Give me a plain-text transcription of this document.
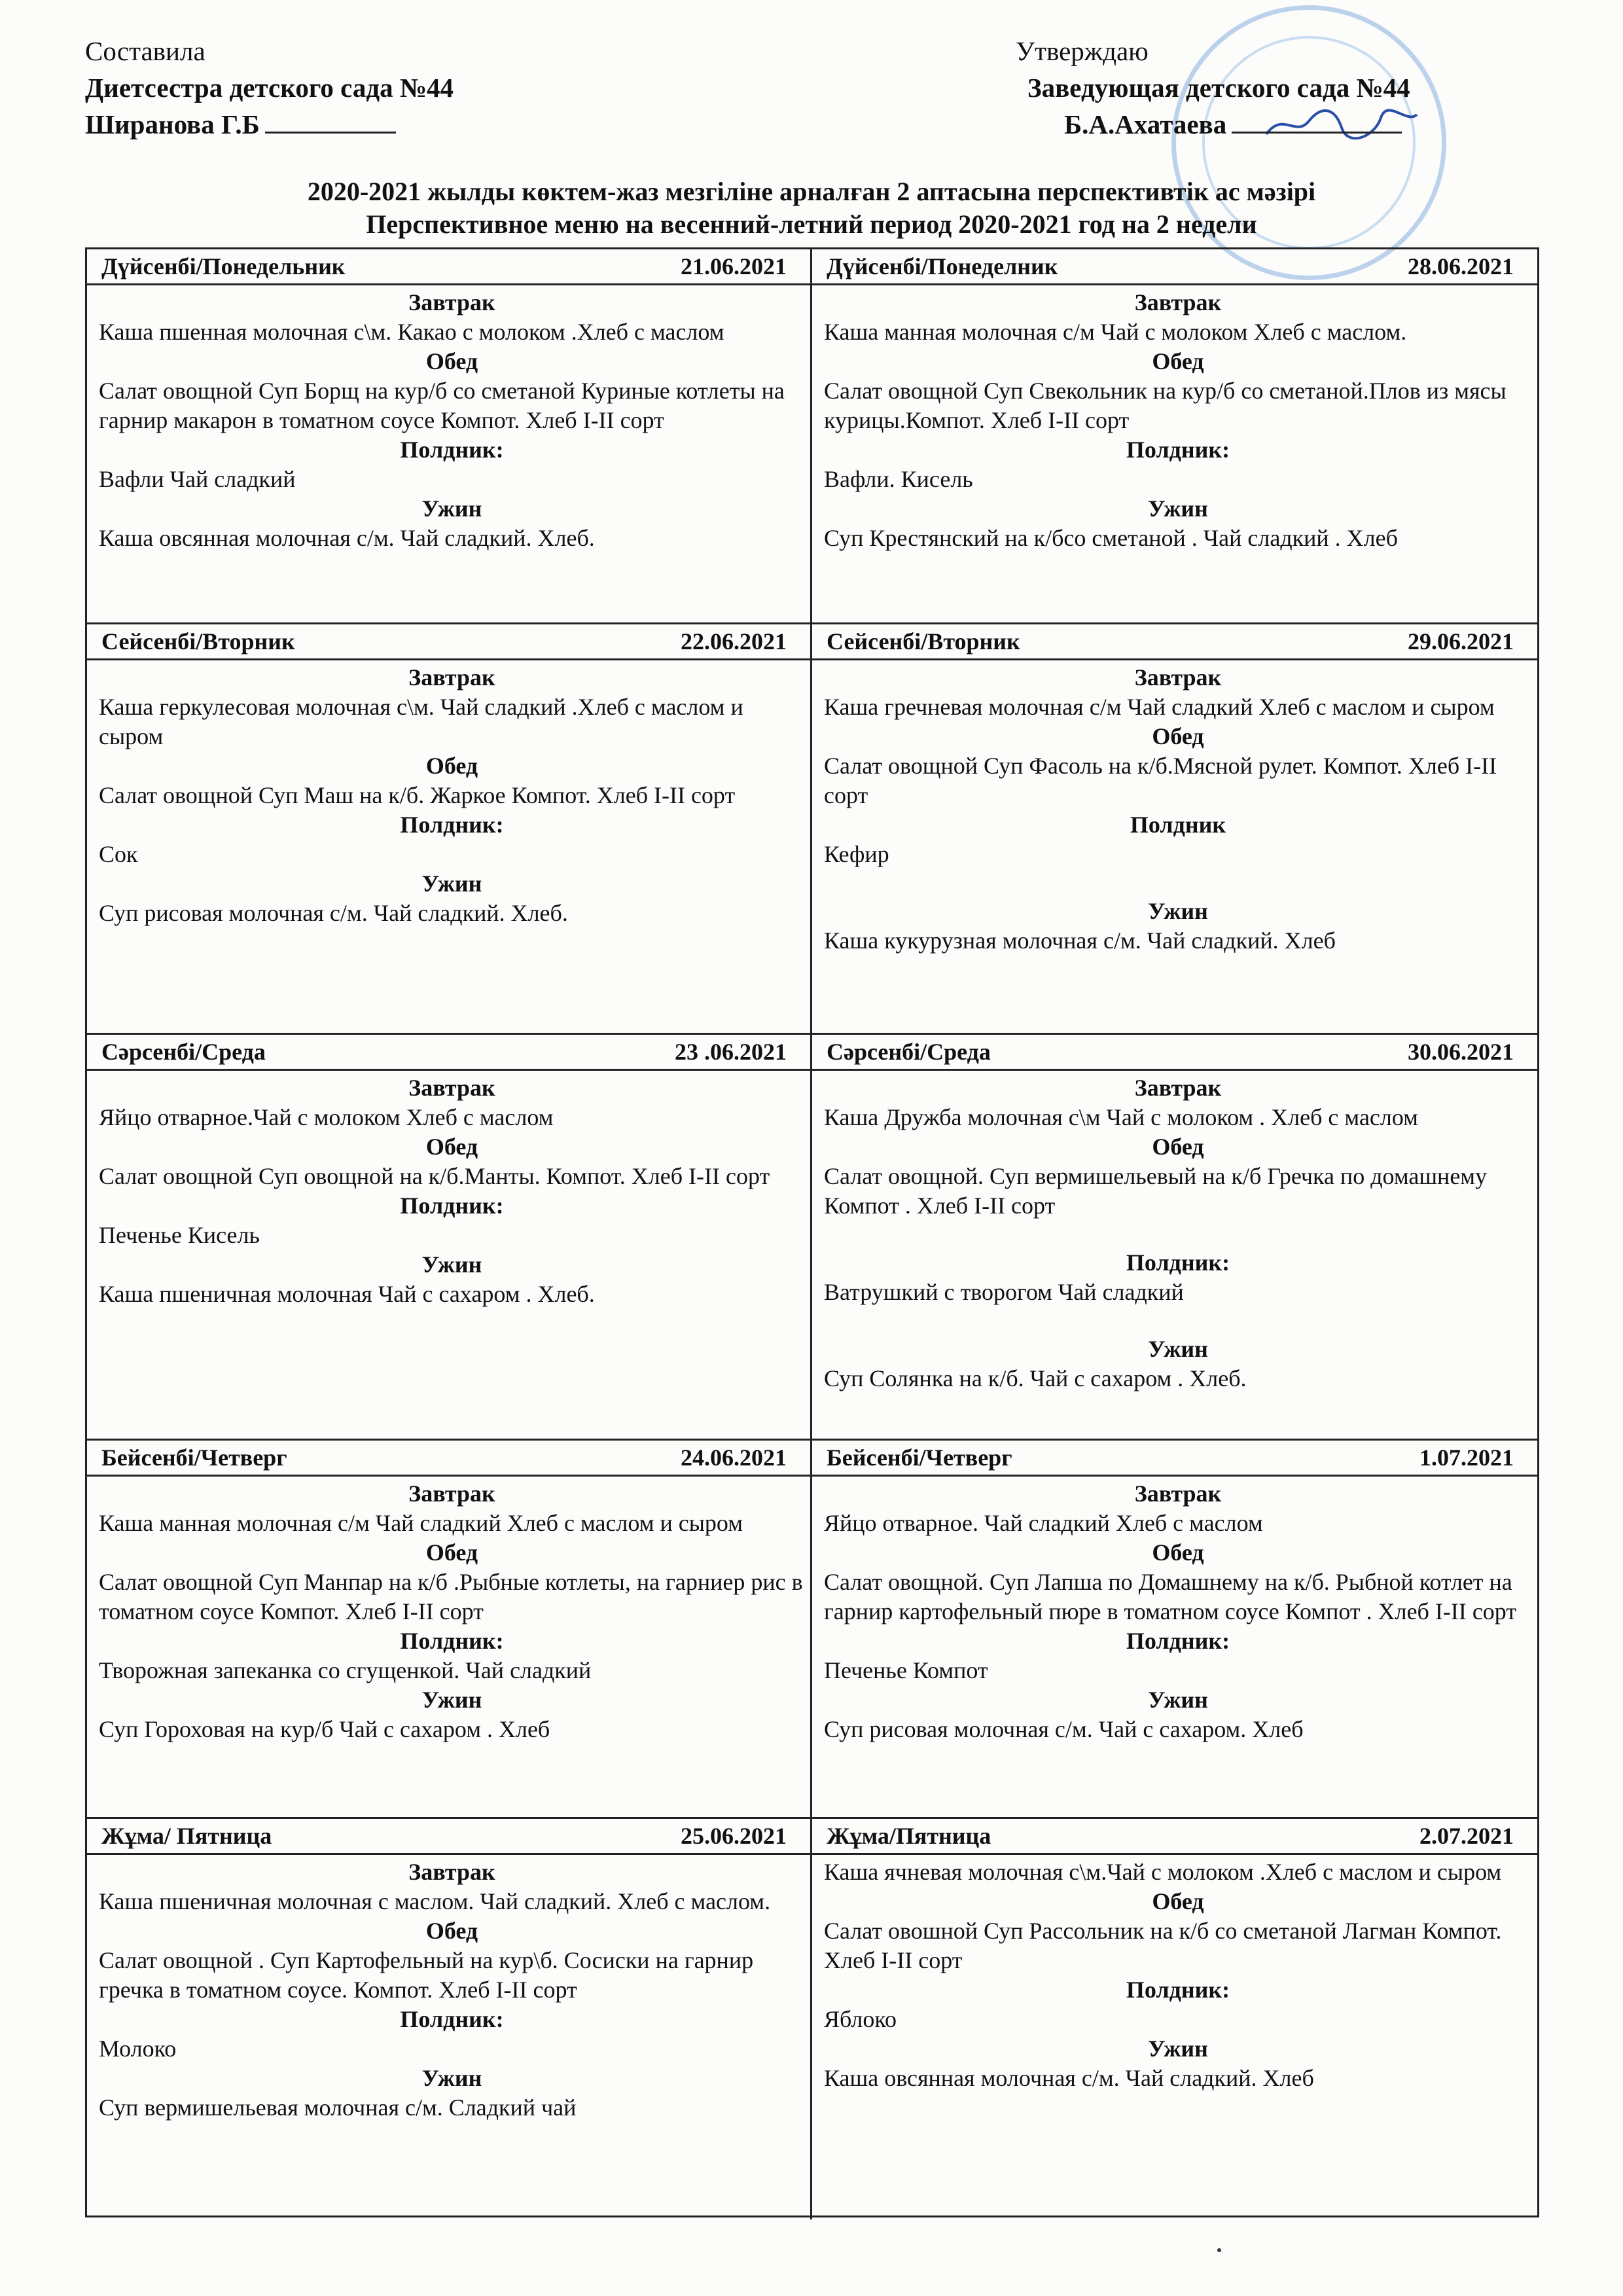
Составила
Диетсестра детского сада №44
Ширанова Г.Б
Утверждаю
Заведующая детского сада №44
Б.А.Ахатаева
2020-2021 жылды көктем-жаз мезгіліне арналған 2 аптасына перспективтік ас мәзірі
Перспективное меню на весенний-летний период 2020-2021 год на 2 недели
Дүйсенбі/Понедельник	21.06.2021
Завтрак
Каша пшенная молочная с\м. Какао с молоком .Хлеб с маслом
Обед
Салат овощной Суп Борщ на кур/б со сметаной Куриные котлеты на гарнир макарон в томатном соусе Компот. Хлеб I-II сорт
Полдник:
Вафли Чай сладкий
Ужин
Каша овсянная молочная с/м. Чай сладкий. Хлеб.
Дүйсенбі/Понеделник	28.06.2021
Завтрак
Каша манная молочная с/м Чай с молоком Хлеб с маслом.
Обед
Салат овощной Суп Свекольник на кур/б со сметаной.Плов из мясы курицы.Компот. Хлеб I-II сорт
Полдник:
Вафли. Кисель
Ужин
Суп Крестянский на к/бсо сметаной . Чай сладкий . Хлеб
Сейсенбі/Вторник	22.06.2021
Завтрак
Каша геркулесовая молочная с\м. Чай сладкий .Хлеб с маслом и сыром
Обед
Салат овощной Суп Маш на к/б. Жаркое Компот. Хлеб I-II сорт
Полдник:
Сок
Ужин
Суп рисовая молочная с/м. Чай сладкий. Хлеб.
Сейсенбі/Вторник	29.06.2021
Завтрак
Каша гречневая молочная с/м Чай сладкий Хлеб с маслом и сыром
Обед
Салат овощной Суп Фасоль на к/б.Мясной рулет. Компот. Хлеб I-II сорт
Полдник
Кефир
Ужин
Каша кукурузная молочная с/м. Чай сладкий. Хлеб
Сәрсенбі/Среда	23 .06.2021
Завтрак
Яйцо отварное.Чай с молоком Хлеб с маслом
Обед
Салат овощной Суп овощной на к/б.Манты. Компот. Хлеб I-II сорт
Полдник:
Печенье Кисель
Ужин
Каша пшеничная молочная Чай с сахаром . Хлеб.
Сәрсенбі/Среда	30.06.2021
Завтрак
Каша Дружба молочная с\м Чай с молоком . Хлеб с маслом
Обед
Салат овощной. Суп вермишельевый на к/б Гречка по домашнему Компот . Хлеб I-II сорт
Полдник:
Ватрушкий с творогом Чай сладкий
Ужин
Суп Солянка на к/б. Чай с сахаром . Хлеб.
Бейсенбі/Четверг	24.06.2021
Завтрак
Каша манная молочная с/м Чай сладкий Хлеб с маслом и сыром
Обед
Салат овощной Суп Манпар на к/б .Рыбные котлеты, на гарниер рис в томатном соусе Компот. Хлеб I-II сорт
Полдник:
Творожная запеканка со сгущенкой. Чай сладкий
Ужин
Суп Гороховая на кур/б Чай с сахаром . Хлеб
Бейсенбі/Четверг	1.07.2021
Завтрак
Яйцо отварное. Чай сладкий Хлеб с маслом
Обед
Салат овощной. Суп Лапша по Домашнему на к/б. Рыбной котлет на гарнир картофельный пюре в томатном соусе Компот . Хлеб I-II сорт
Полдник:
Печенье Компот
Ужин
Суп рисовая молочная с/м. Чай с сахаром. Хлеб
Жұма/ Пятница	25.06.2021
Завтрак
Каша пшеничная молочная с маслом. Чай сладкий. Хлеб с маслом.
Обед
Салат овощной . Суп Картофельный на кур\б. Сосиски на гарнир гречка в томатном соусе. Компот. Хлеб I-II сорт
Полдник:
Молоко
Ужин
Суп вермишельевая молочная с/м. Сладкий чай
Жұма/Пятница	2.07.2021
Каша ячневая молочная с\м.Чай с молоком .Хлеб с маслом и сыром
Обед
Салат овошной Суп Рассольник на к/б со сметаной Лагман Компот. Хлеб I-II сорт
Полдник:
Яблоко
Ужин
Каша овсянная молочная с/м. Чай сладкий. Хлеб
